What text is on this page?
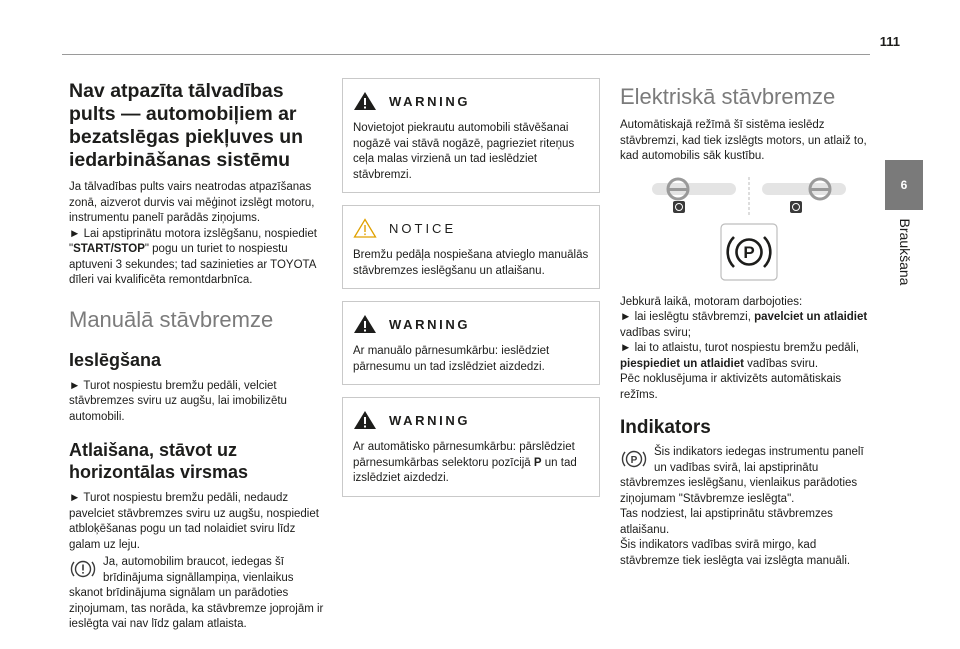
111
6
Braukšana
Nav atpazīta tālvadības pults — automobiļiem ar bezatslēgas piekļuves un iedarbināšanas sistēmu

Ja tālvadības pults vairs neatrodas atpazīšanas zonā, aizverot durvis vai mēģinot izslēgt motoru, instrumentu panelī parādās ziņojums.

► Lai apstiprinātu motora izslēgšanu, nospiediet "START/STOP" pogu un turiet to nospiestu aptuveni 3 sekundes; tad sazinieties ar TOYOTA dīleri vai kvalificēta remontdarbnīca.

Manuālā stāvbremze
Ieslēgšana

► Turot nospiestu bremžu pedāli, velciet stāvbremzes sviru uz augšu, lai imobilizētu automobili.

Atlaišana, stāvot uz horizontālas virsmas

► Turot nospiestu bremžu pedāli, nedaudz pavelciet stāvbremzes sviru uz augšu, nospiediet atbloķēšanas pogu un tad nolaidiet sviru līdz galam uz leju.

Ja, automobilim braucot, iedegas šī brīdinājuma signāllampiņa, vienlaikus skanot brīdinājuma signālam un parādoties ziņojumam, tas norāda, ka stāvbremze joprojām ir ieslēgta vai nav līdz galam atlaista.

WARNING

Novietojot piekrautu automobili stāvēšanai nogāzē vai stāvā nogāzē, pagrieziet riteņus ceļa malas virzienā un tad ieslēdziet stāvbremzi.

NOTICE

Bremžu pedāļa nospiešana atvieglo manuālās stāvbremzes ieslēgšanu un atlaišanu.

WARNING

Ar manuālo pārnesumkārbu: ieslēdziet pārnesumu un tad izslēdziet aizdedzi.

WARNING

Ar automātisko pārnesumkārbu: pārslēdziet pārnesumkārbas selektoru pozīcijā P un tad izslēdziet aizdedzi.

Elektriskā stāvbremze

Automātiskajā režīmā šī sistēma ieslēdz stāvbremzi, kad tiek izslēgts motors, un atlaiž to, kad automobilis sāk kustību.

P

Jebkurā laikā, motoram darbojoties:

► lai ieslēgtu stāvbremzi, pavelciet un atlaidiet vadības sviru;

► lai to atlaistu, turot nospiestu bremžu pedāli, piespiediet un atlaidiet vadības sviru.

Pēc noklusējuma ir aktivizēts automātiskais režīms.

Indikators

P
Šis indikators iedegas instrumentu panelī un vadības svirā, lai apstiprinātu stāvbremzes ieslēgšanu, vienlaikus parādoties ziņojumam "Stāvbremze ieslēgta".

Tas nodziest, lai apstiprinātu stāvbremzes atlaišanu.

Šis indikators vadības svirā mirgo, kad stāvbremze tiek ieslēgta vai izslēgta manuāli.
